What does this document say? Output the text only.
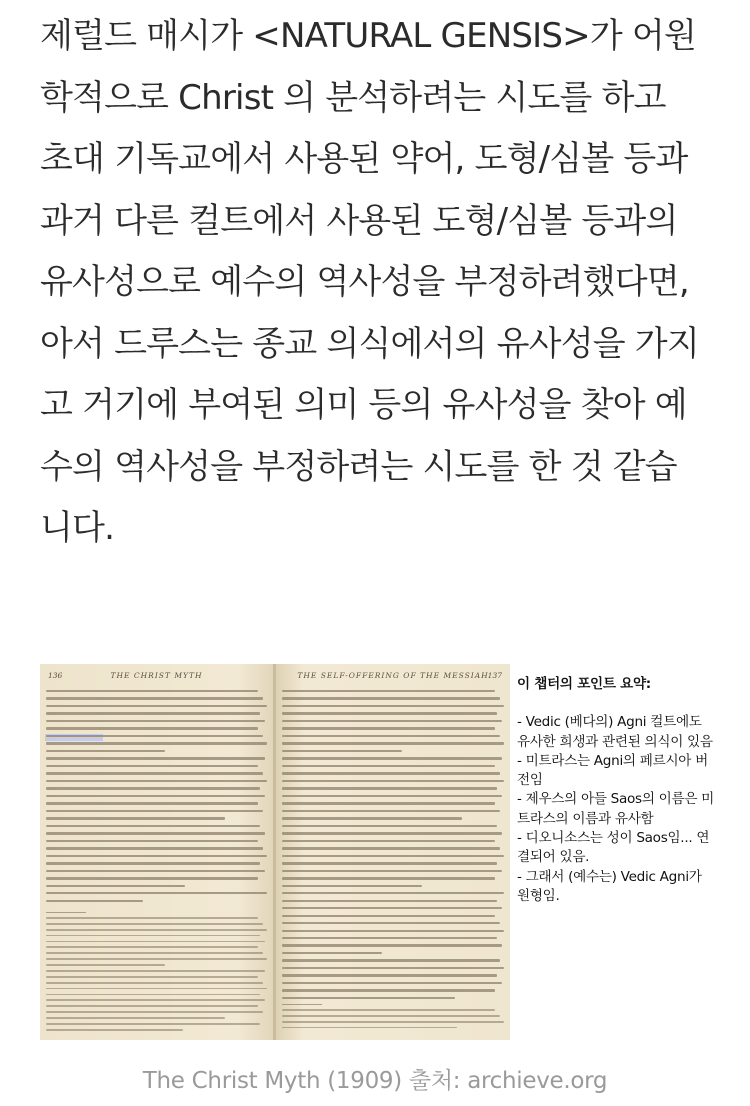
제럴드 매시가 <NATURAL GENSIS>가 어원
학적으로 Christ 의 분석하려는 시도를 하고
초대 기독교에서 사용된 약어, 도형/심볼 등과
과거 다른 컬트에서 사용된 도형/심볼 등과의
유사성으로 예수의 역사성을 부정하려했다면,
아서 드루스는 종교 의식에서의 유사성을 가지
고 거기에 부여된 의미 등의 유사성을 찾아 예
수의 역사성을 부정하려는 시도를 한 것 같습
니다.
136	THE CHRIST MYTH	THE SELF-OFFERING OF THE MESSIAH 137
이 챕터의 포인트 요약:
- Vedic (베다의) Agni 컬트에도 유사한 희생과 관련된 의식이 있음
- 미트라스는 Agni의 페르시아 버전임
- 제우스의 아들 Saos의 이름은 미트라스의 이름과 유사함
- 디오니소스는 성이 Saos임... 연결되어 있음.
- 그래서 (예수는) Vedic Agni가 원형임.
The Christ Myth (1909) 출처: archieve.org
